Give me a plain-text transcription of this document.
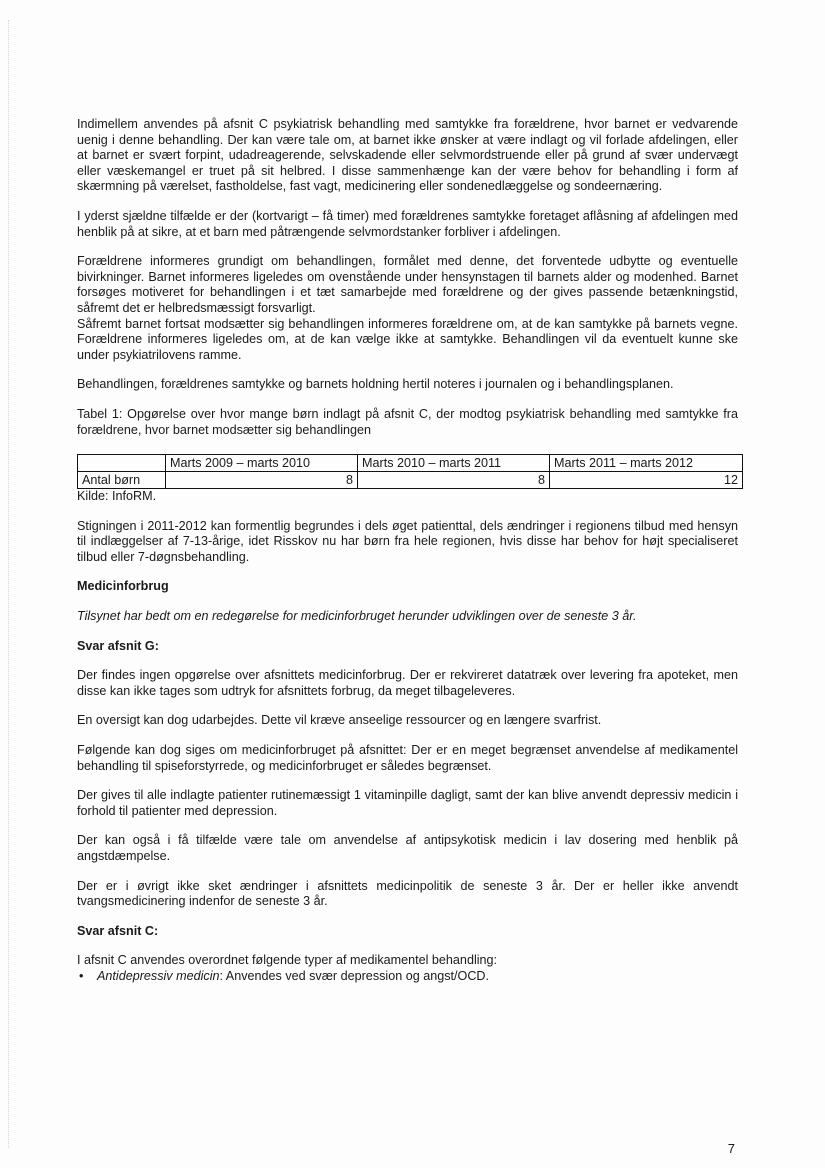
Indimellem anvendes på afsnit C psykiatrisk behandling med samtykke fra forældrene, hvor barnet er vedvarende uenig i denne behandling. Der kan være tale om, at barnet ikke ønsker at være indlagt og vil forlade afdelingen, eller at barnet er svært forpint, udadreagerende, selvskadende eller selvmordstruende eller på grund af svær undervægt eller væskemangel er truet på sit helbred. I disse sammenhænge kan der være behov for behandling i form af skærmning på værelset, fastholdelse, fast vagt, medicinering eller sondenedlæggelse og sondeernæring.

I yderst sjældne tilfælde er der (kortvarigt – få timer) med forældrenes samtykke foretaget aflåsning af afdelingen med henblik på at sikre, at et barn med påtrængende selvmordstanker forbliver i afdelingen.

Forældrene informeres grundigt om behandlingen, formålet med denne, det forventede udbytte og eventuelle bivirkninger. Barnet informeres ligeledes om ovenstående under hensynstagen til barnets alder og modenhed. Barnet forsøges motiveret for behandlingen i et tæt samarbejde med forældrene og der gives passende betænkningstid, såfremt det er helbredsmæssigt forsvarligt.

Såfremt barnet fortsat modsætter sig behandlingen informeres forældrene om, at de kan samtykke på barnets vegne. Forældrene informeres ligeledes om, at de kan vælge ikke at samtykke. Behandlingen vil da eventuelt kunne ske under psykiatrilovens ramme.

Behandlingen, forældrenes samtykke og barnets holdning hertil noteres i journalen og i behandlingsplanen.

Tabel 1: Opgørelse over hvor mange børn indlagt på afsnit C, der modtog psykiatrisk behandling med samtykke fra forældrene, hvor barnet modsætter sig behandlingen

	Marts 2009 – marts 2010	Marts 2010 – marts 2011	Marts 2011 – marts 2012
Antal børn	8	8	12

Kilde: InfoRM.

Stigningen i 2011-2012 kan formentlig begrundes i dels øget patienttal, dels ændringer i regionens tilbud med hensyn til indlæggelser af 7-13-årige, idet Risskov nu har børn fra hele regionen, hvis disse har behov for højt specialiseret tilbud eller 7-døgnsbehandling.

Medicinforbrug

Tilsynet har bedt om en redegørelse for medicinforbruget herunder udviklingen over de seneste 3 år.

Svar afsnit G:

Der findes ingen opgørelse over afsnittets medicinforbrug. Der er rekvireret datatræk over levering fra apoteket, men disse kan ikke tages som udtryk for afsnittets forbrug, da meget tilbageleveres.

En oversigt kan dog udarbejdes. Dette vil kræve anseelige ressourcer og en længere svarfrist.

Følgende kan dog siges om medicinforbruget på afsnittet: Der er en meget begrænset anvendelse af medikamentel behandling til spiseforstyrrede, og medicinforbruget er således begrænset.

Der gives til alle indlagte patienter rutinemæssigt 1 vitaminpille dagligt, samt der kan blive anvendt depressiv medicin i forhold til patienter med depression.

Der kan også i få tilfælde være tale om anvendelse af antipsykotisk medicin i lav dosering med henblik på angstdæmpelse.

Der er i øvrigt ikke sket ændringer i afsnittets medicinpolitik de seneste 3 år. Der er heller ikke anvendt tvangsmedicinering indenfor de seneste 3 år.

Svar afsnit C:

I afsnit C anvendes overordnet følgende typer af medikamentel behandling:

• Antidepressiv medicin: Anvendes ved svær depression og angst/OCD.
7
